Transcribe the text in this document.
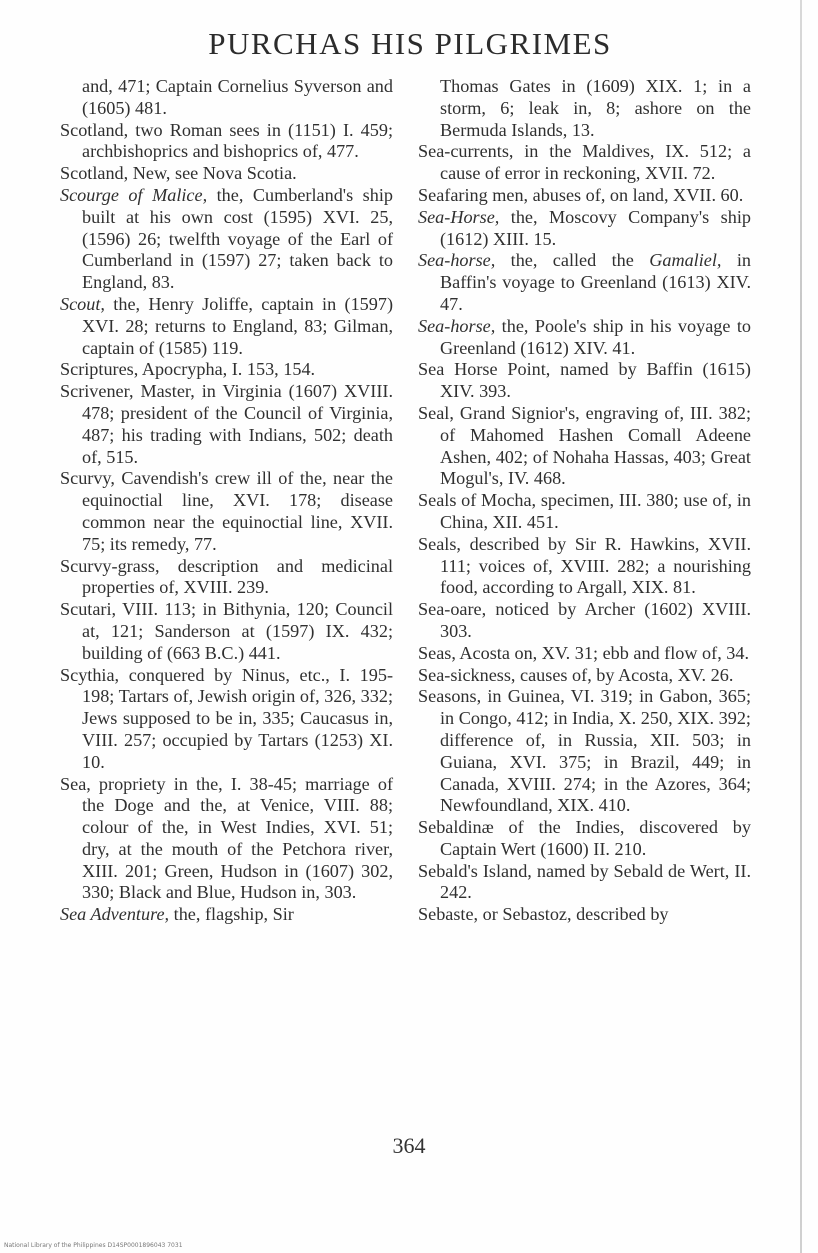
PURCHAS HIS PILGRIMES

and, 471; Captain Cornelius Syverson and (1605) 481.

Scotland, two Roman sees in (1151) I. 459; archbishoprics and bishoprics of, 477.

Scotland, New, see Nova Scotia.

Scourge of Malice, the, Cumberland's ship built at his own cost (1595) XVI. 25, (1596) 26; twelfth voyage of the Earl of Cumberland in (1597) 27; taken back to England, 83.

Scout, the, Henry Joliffe, captain in (1597) XVI. 28; returns to England, 83; Gilman, captain of (1585) 119.

Scriptures, Apocrypha, I. 153, 154.

Scrivener, Master, in Virginia (1607) XVIII. 478; president of the Council of Virginia, 487; his trading with Indians, 502; death of, 515.

Scurvy, Cavendish's crew ill of the, near the equinoctial line, XVI. 178; disease common near the equinoctial line, XVII. 75; its remedy, 77.

Scurvy-grass, description and medicinal properties of, XVIII. 239.

Scutari, VIII. 113; in Bithynia, 120; Council at, 121; Sanderson at (1597) IX. 432; building of (663 B.C.) 441.

Scythia, conquered by Ninus, etc., I. 195-198; Tartars of, Jewish origin of, 326, 332; Jews supposed to be in, 335; Caucasus in, VIII. 257; occupied by Tartars (1253) XI. 10.

Sea, propriety in the, I. 38-45; marriage of the Doge and the, at Venice, VIII. 88; colour of the, in West Indies, XVI. 51; dry, at the mouth of the Petchora river, XIII. 201; Green, Hudson in (1607) 302, 330; Black and Blue, Hudson in, 303.

Sea Adventure, the, flagship, Sir

Thomas Gates in (1609) XIX. 1; in a storm, 6; leak in, 8; ashore on the Bermuda Islands, 13.

Sea-currents, in the Maldives, IX. 512; a cause of error in reckoning, XVII. 72.

Seafaring men, abuses of, on land, XVII. 60.

Sea-Horse, the, Moscovy Company's ship (1612) XIII. 15.

Sea-horse, the, called the Gamaliel, in Baffin's voyage to Greenland (1613) XIV. 47.

Sea-horse, the, Poole's ship in his voyage to Greenland (1612) XIV. 41.

Sea Horse Point, named by Baffin (1615) XIV. 393.

Seal, Grand Signior's, engraving of, III. 382; of Mahomed Hashen Comall Adeene Ashen, 402; of Nohaha Hassas, 403; Great Mogul's, IV. 468.

Seals of Mocha, specimen, III. 380; use of, in China, XII. 451.

Seals, described by Sir R. Hawkins, XVII. 111; voices of, XVIII. 282; a nourishing food, according to Argall, XIX. 81.

Sea-oare, noticed by Archer (1602) XVIII. 303.

Seas, Acosta on, XV. 31; ebb and flow of, 34.

Sea-sickness, causes of, by Acosta, XV. 26.

Seasons, in Guinea, VI. 319; in Gabon, 365; in Congo, 412; in India, X. 250, XIX. 392; difference of, in Russia, XII. 503; in Guiana, XVI. 375; in Brazil, 449; in Canada, XVIII. 274; in the Azores, 364; Newfoundland, XIX. 410.

Sebaldinæ of the Indies, discovered by Captain Wert (1600) II. 210.

Sebald's Island, named by Sebald de Wert, II. 242.

Sebaste, or Sebastoz, described by

364
National Library of the Philippines D14SP0001896043 7031
